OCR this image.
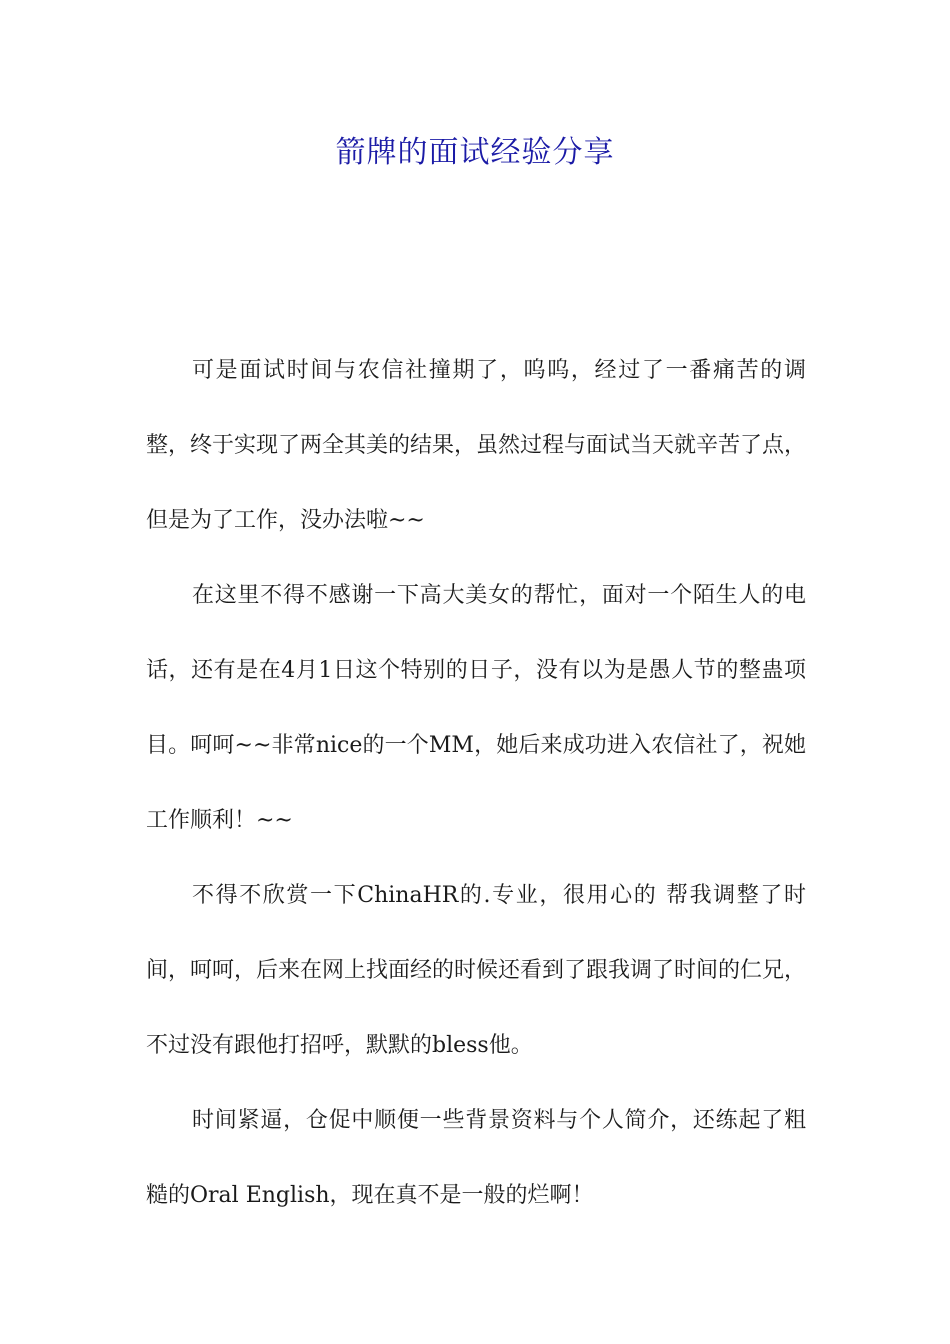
箭牌的面试经验分享

可是面试时间与农信社撞期了，呜呜，经过了一番痛苦的调整，终于实现了两全其美的结果，虽然过程与面试当天就辛苦了点，但是为了工作，没办法啦~~

在这里不得不感谢一下高大美女的帮忙，面对一个陌生人的电话，还有是在4月1日这个特别的日子，没有以为是愚人节的整蛊项目。呵呵~~非常nice的一个MM，她后来成功进入农信社了，祝她工作顺利！~~

不得不欣赏一下ChinaHR的.专业，很用心的 帮我调整了时间，呵呵，后来在网上找面经的时候还看到了跟我调了时间的仁兄，不过没有跟他打招呼，默默的bless他。

时间紧逼，仓促中顺便一些背景资料与个人简介，还练起了粗糙的Oral English，现在真不是一般的烂啊！
